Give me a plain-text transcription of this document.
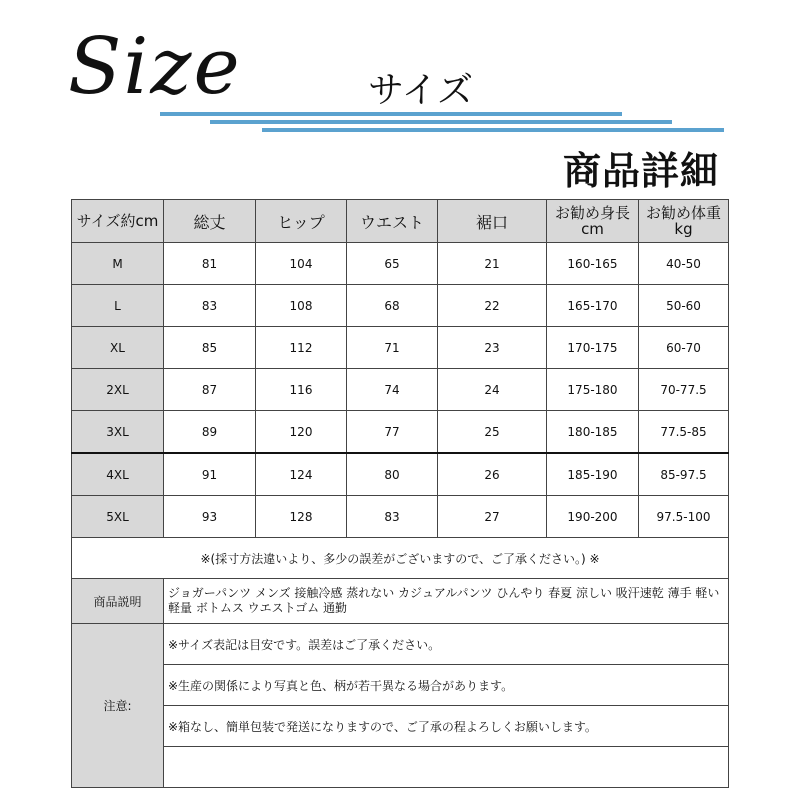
Size	サイズ
商品詳細
サイズ約cm	総丈	ヒップ	ウエスト	裾口	お勧め身長cm	お勧め体重kg
M	81	104	65	21	160-165	40-50
L	83	108	68	22	165-170	50-60
XL	85	112	71	23	170-175	60-70
2XL	87	116	74	24	175-180	70-77.5
3XL	89	120	77	25	180-185	77.5-85
4XL	91	124	80	26	185-190	85-97.5
5XL	93	128	83	27	190-200	97.5-100
※(採寸方法違いより、多少の誤差がございますので、ご了承ください。) ※						
商品説明	ジョガーパンツ メンズ 接触冷感 蒸れない カジュアルパンツ ひんやり 春夏 涼しい 吸汗速乾 薄手 軽い 軽量 ボトムス ウエストゴム 通勤					
注意:	※サイズ表記は目安です。誤差はご了承ください。					
	※生産の関係により写真と色、柄が若干異なる場合があります。					
	※箱なし、簡単包装で発送になりますので、ご了承の程よろしくお願いします。					
